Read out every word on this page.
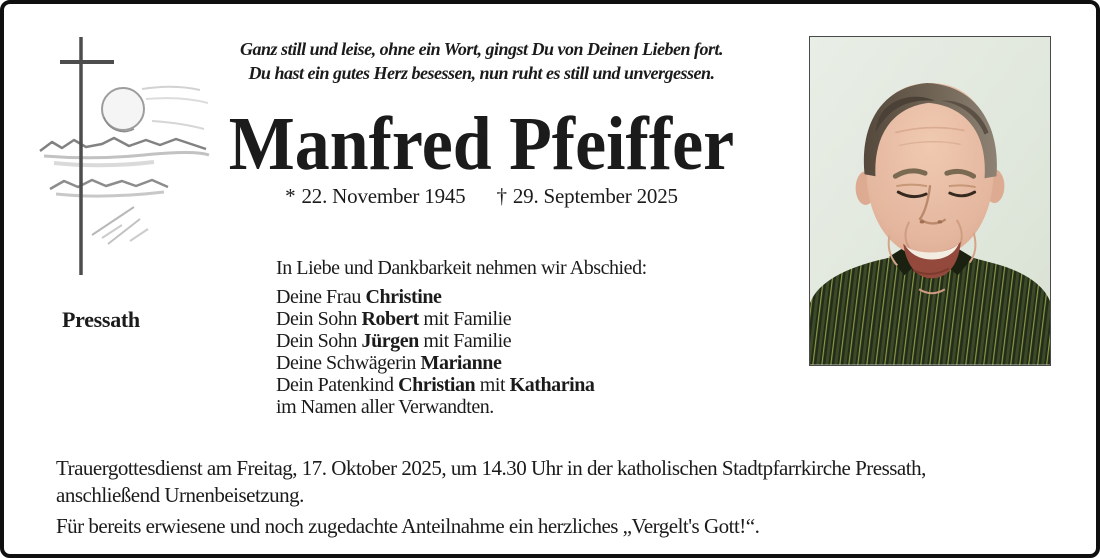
Pressath
Ganz still und leise, ohne ein Wort, gingst Du von Deinen Lieben fort.
Du hast ein gutes Herz besessen, nun ruht es still und unvergessen.
Manfred Pfeiffer
* 22. November 1945 † 29. September 2025
In Liebe und Dankbarkeit nehmen wir Abschied:
Deine Frau Christine
Dein Sohn Robert mit Familie
Dein Sohn Jürgen mit Familie
Deine Schwägerin Marianne
Dein Patenkind Christian mit Katharina
im Namen aller Verwandten.
Trauergottesdienst am Freitag, 17. Oktober 2025, um 14.30 Uhr in der katholischen Stadtpfarrkirche Pressath,
anschließend Urnenbeisetzung.
Für bereits erwiesene und noch zugedachte Anteilnahme ein herzliches „Vergelt's Gott!“.
